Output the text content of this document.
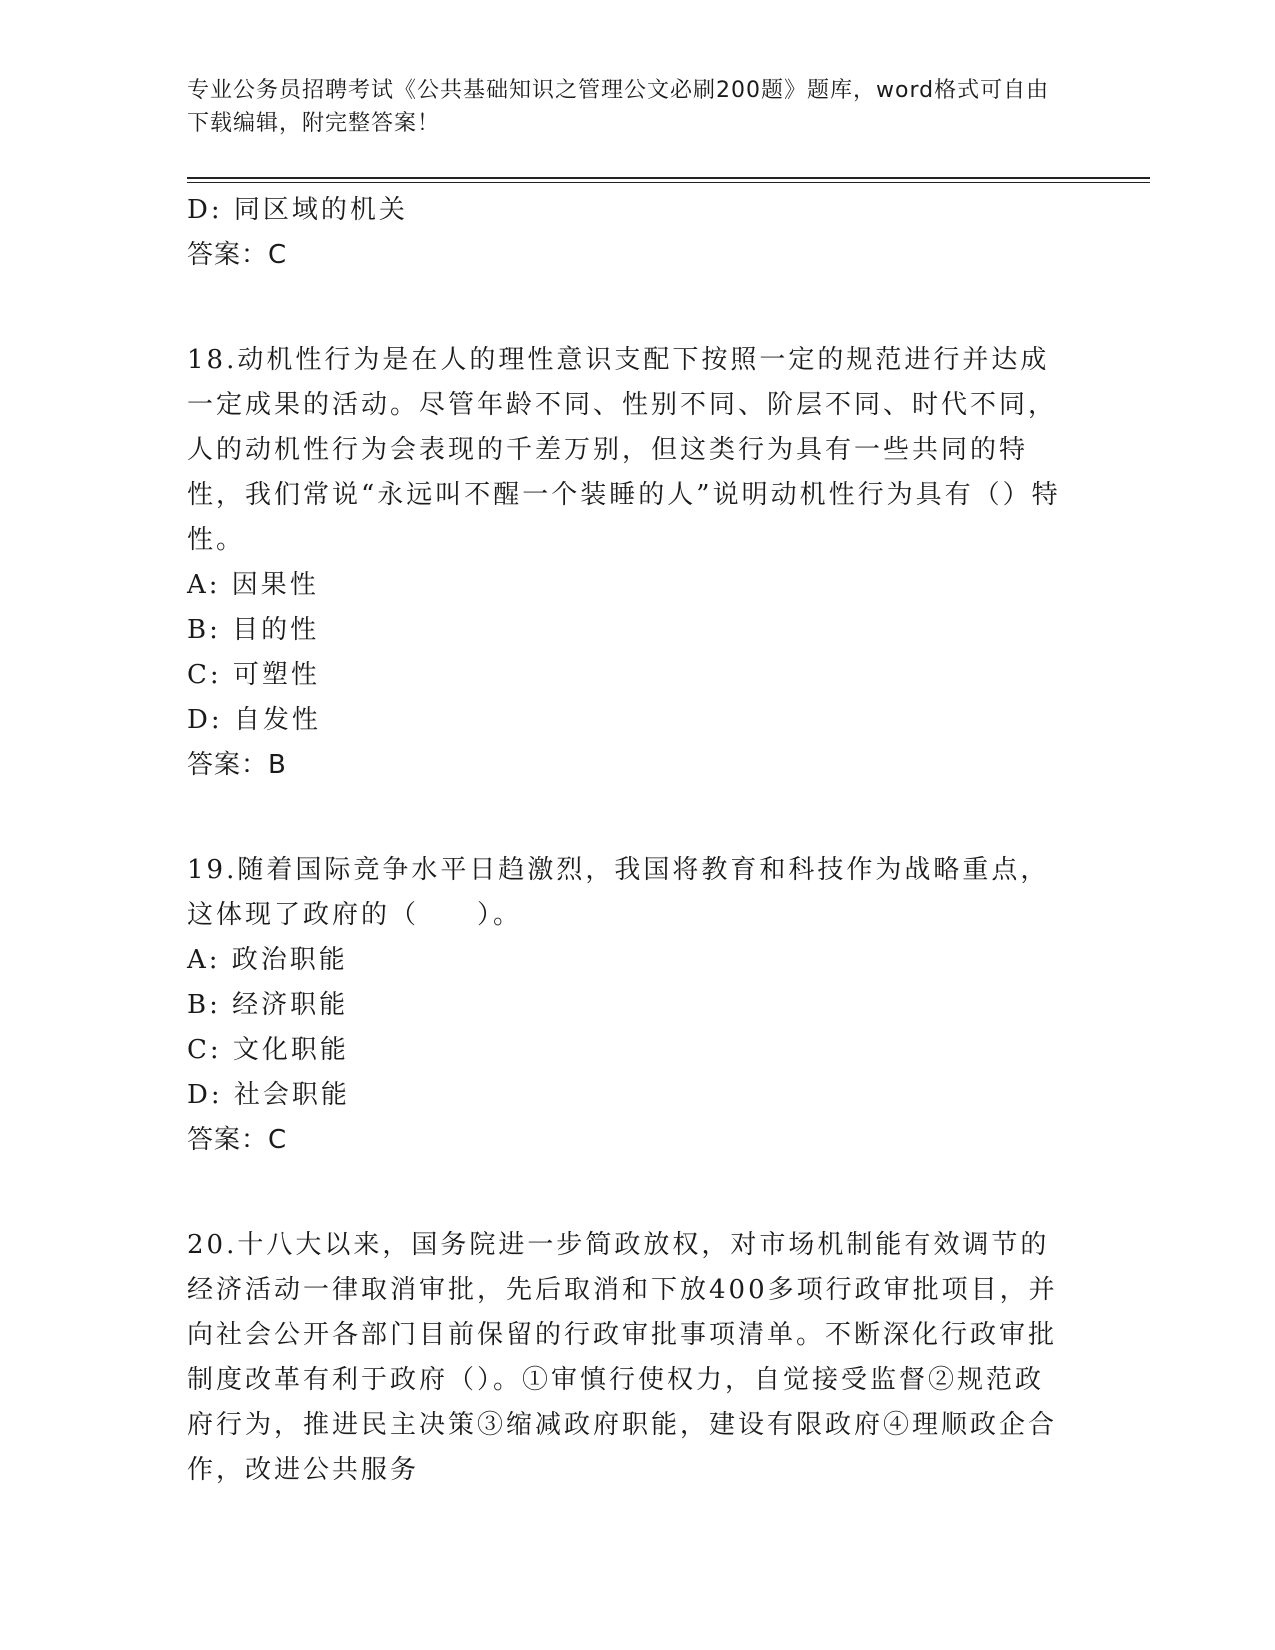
专业公务员招聘考试《公共基础知识之管理公文必刷200题》题库，word格式可自由下载编辑，附完整答案！
D: 同区域的机关
答案：C
18.动机性行为是在人的理性意识支配下按照一定的规范进行并达成一定成果的活动。尽管年龄不同、性别不同、阶层不同、时代不同，人的动机性行为会表现的千差万别，但这类行为具有一些共同的特性，我们常说“永远叫不醒一个装睡的人”说明动机性行为具有（）特性。
A: 因果性
B: 目的性
C: 可塑性
D: 自发性
答案：B
19.随着国际竞争水平日趋激烈，我国将教育和科技作为战略重点，这体现了政府的（　　）。
A: 政治职能
B: 经济职能
C: 文化职能
D: 社会职能
答案：C
20.十八大以来，国务院进一步简政放权，对市场机制能有效调节的经济活动一律取消审批，先后取消和下放400多项行政审批项目，并向社会公开各部门目前保留的行政审批事项清单。不断深化行政审批制度改革有利于政府（）。①审慎行使权力，自觉接受监督②规范政府行为，推进民主决策③缩减政府职能，建设有限政府④理顺政企合作，改进公共服务
